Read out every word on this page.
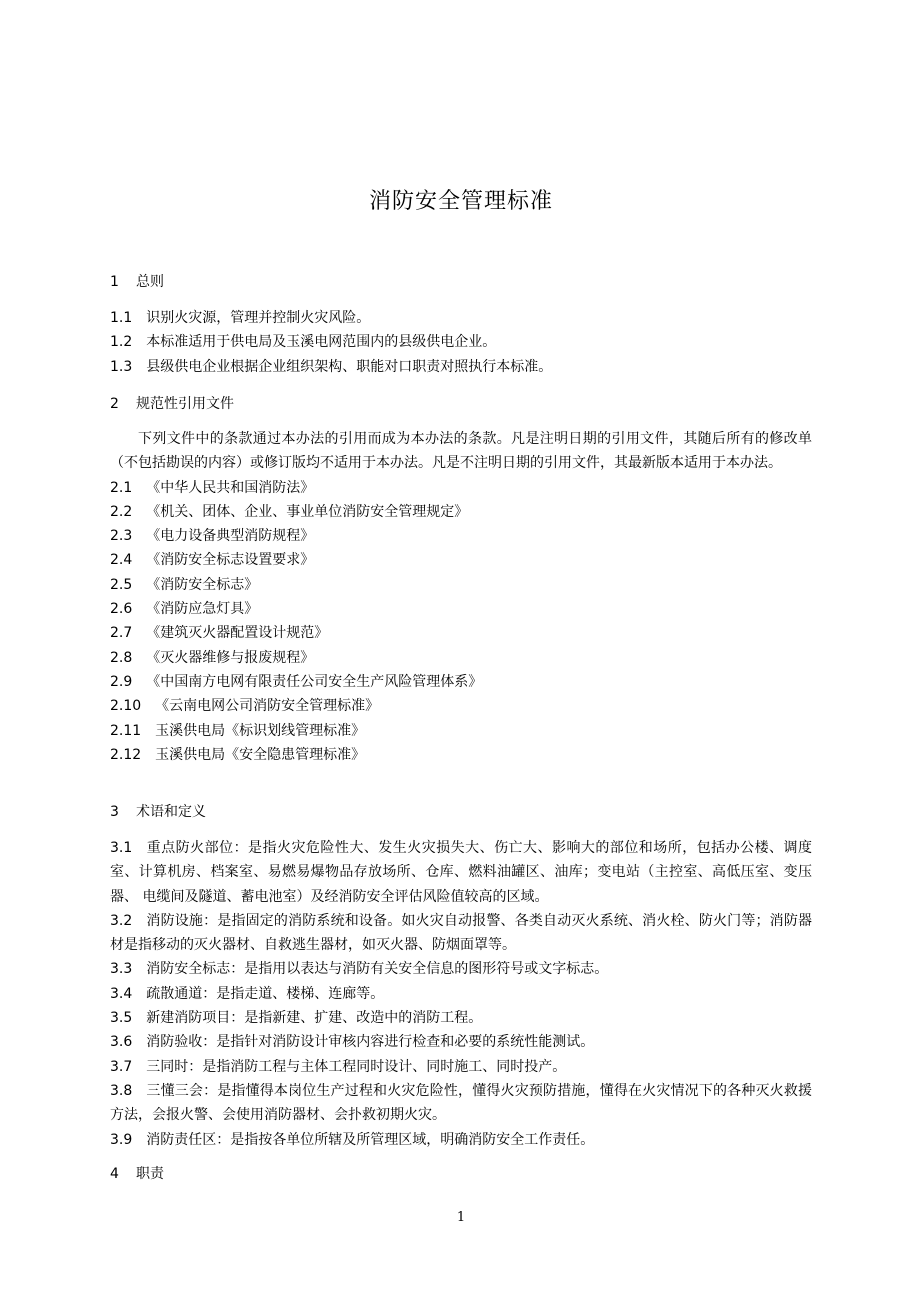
消防安全管理标准
1 总则
1.1	识别火灾源，管理并控制火灾风险。
1.2	本标准适用于供电局及玉溪电网范围内的县级供电企业。
1.3	县级供电企业根据企业组织架构、职能对口职责对照执行本标准。
2 规范性引用文件
下列文件中的条款通过本办法的引用而成为本办法的条款。凡是注明日期的引用文件，其随后所有的修改单（不包括勘误的内容）或修订版均不适用于本办法。凡是不注明日期的引用文件，其最新版本适用于本办法。
2.1	《中华人民共和国消防法》
2.2	《机关、团体、企业、事业单位消防安全管理规定》
2.3	《电力设备典型消防规程》
2.4	《消防安全标志设置要求》
2.5	《消防安全标志》
2.6	《消防应急灯具》
2.7	《建筑灭火器配置设计规范》
2.8	《灭火器维修与报废规程》
2.9	《中国南方电网有限责任公司安全生产风险管理体系》
2.10	《云南电网公司消防安全管理标准》
2.11	玉溪供电局《标识划线管理标准》
2.12	玉溪供电局《安全隐患管理标准》
3 术语和定义
3.1 重点防火部位：是指火灾危险性大、发生火灾损失大、伤亡大、影响大的部位和场所，包括办公楼、调度室、计算机房、档案室、易燃易爆物品存放场所、仓库、燃料油罐区、油库；变电站（主控室、高低压室、变压器、 电缆间及隧道、蓄电池室）及经消防安全评估风险值较高的区域。
3.2 消防设施：是指固定的消防系统和设备。如火灾自动报警、各类自动灭火系统、消火栓、防火门等；消防器材是指移动的灭火器材、自救逃生器材，如灭火器、防烟面罩等。
3.3 消防安全标志：是指用以表达与消防有关安全信息的图形符号或文字标志。
3.4 疏散通道：是指走道、楼梯、连廊等。
3.5 新建消防项目：是指新建、扩建、改造中的消防工程。
3.6 消防验收：是指针对消防设计审核内容进行检查和必要的系统性能测试。
3.7 三同时：是指消防工程与主体工程同时设计、同时施工、同时投产。
3.8 三懂三会：是指懂得本岗位生产过程和火灾危险性，懂得火灾预防措施，懂得在火灾情况下的各种灭火救援方法，会报火警、会使用消防器材、会扑救初期火灾。
3.9 消防责任区：是指按各单位所辖及所管理区域，明确消防安全工作责任。
4 职责
1
